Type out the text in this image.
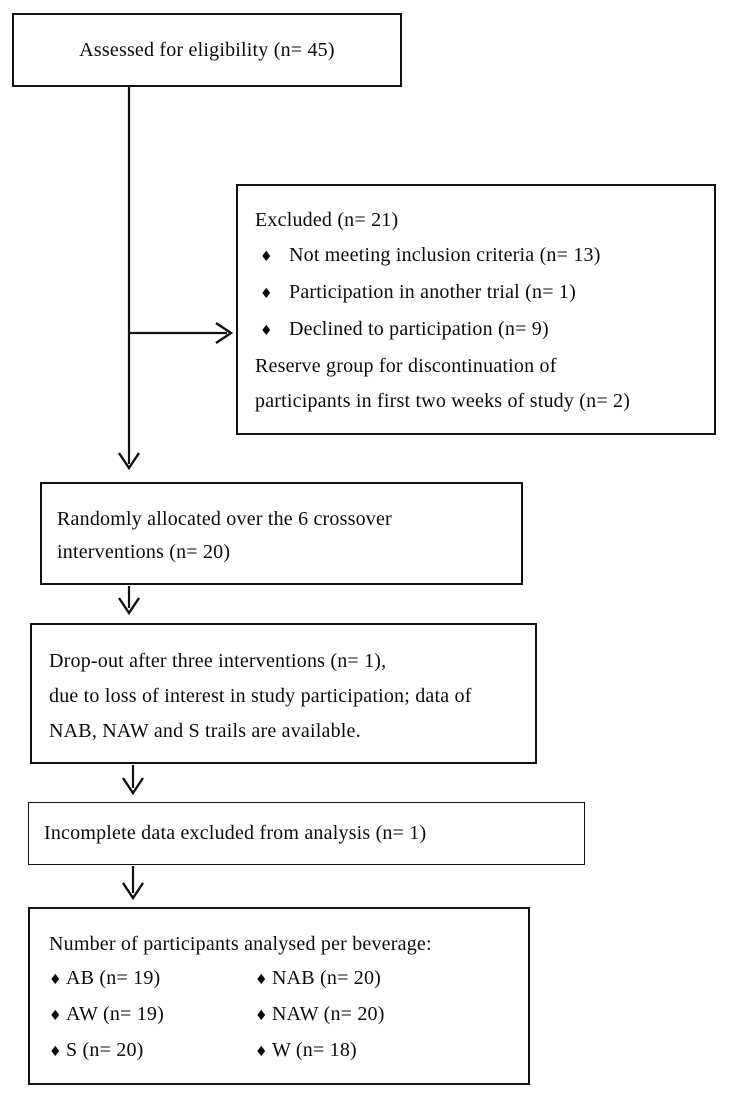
Assessed for eligibility (n= 45)
Excluded (n= 21)
♦ Not meeting inclusion criteria (n= 13)
♦ Participation in another trial (n= 1)
♦ Declined to participation (n= 9)
Reserve group for discontinuation of
participants in first two weeks of study (n= 2)
Randomly allocated over the 6 crossover
interventions (n= 20)
Drop-out after three interventions (n= 1),
due to loss of interest in study participation; data of
NAB, NAW and S trails are available.
Incomplete data excluded from analysis (n= 1)
Number of participants analysed per beverage:
♦ AB (n= 19)	♦ NAB (n= 20)
♦ AW (n= 19)	♦ NAW (n= 20)
♦ S (n= 20)	♦ W (n= 18)
